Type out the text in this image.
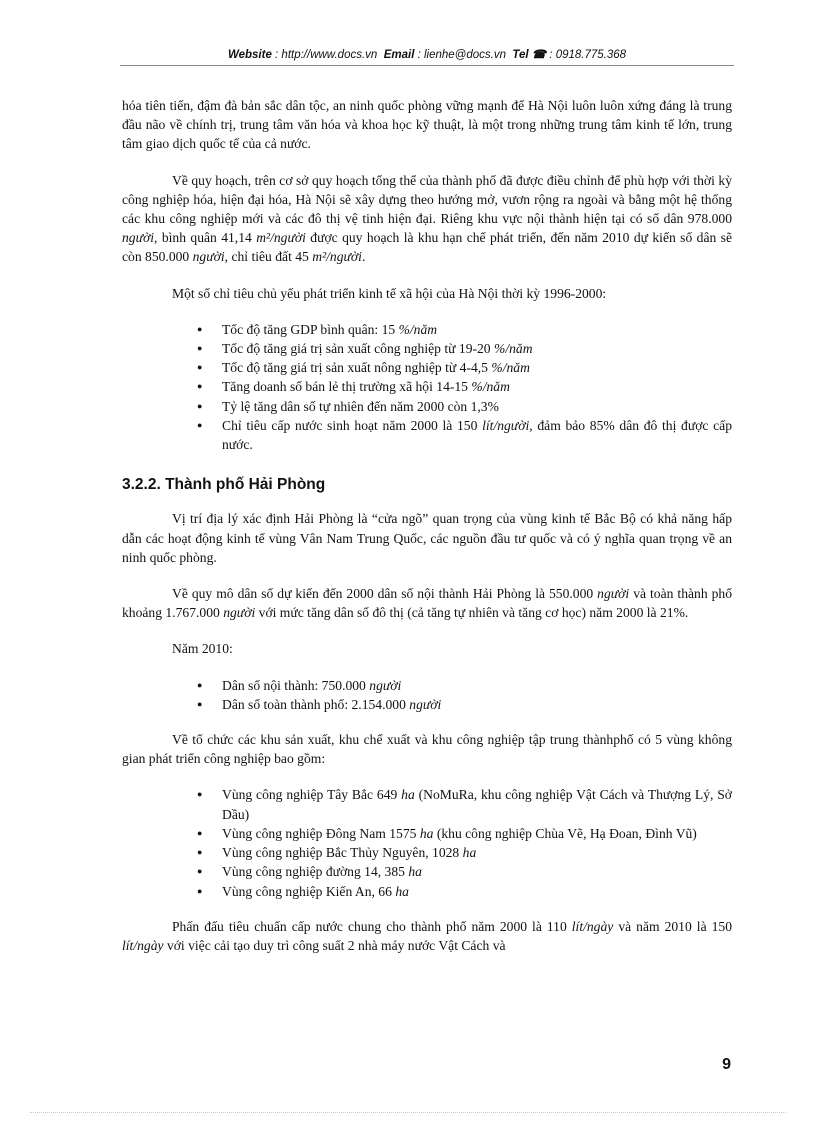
Website : http://www.docs.vn Email : lienhe@docs.vn Tel ☎ : 0918.775.368

hóa tiên tiến, đậm đà bản sắc dân tộc, an ninh quốc phòng vững mạnh để Hà Nội luôn luôn xứng đáng là trung đầu não về chính trị, trung tâm văn hóa và khoa học kỹ thuật, là một trong những trung tâm kinh tế lớn, trung tâm giao dịch quốc tế của cả nước.

Về quy hoạch, trên cơ sở quy hoạch tổng thể của thành phố đã được điều chỉnh để phù hợp với thời kỳ công nghiệp hóa, hiện đại hóa, Hà Nội sẽ xây dựng theo hướng mở, vươn rộng ra ngoài và bằng một hệ thống các khu công nghiệp mới và các đô thị vệ tinh hiện đại. Riêng khu vực nội thành hiện tại có số dân 978.000 người, bình quân 41,14 m²/người được quy hoạch là khu hạn chế phát triển, đến năm 2010 dự kiến số dân sẽ còn 850.000 người, chỉ tiêu đất 45 m²/người.

Một số chỉ tiêu chủ yếu phát triển kinh tế xã hội của Hà Nội thời kỳ 1996-2000:

● Tốc độ tăng GDP bình quân: 15 %/năm
● Tốc độ tăng giá trị sản xuất công nghiệp từ 19-20 %/năm
● Tốc độ tăng giá trị sản xuất nông nghiệp từ 4-4,5 %/năm
● Tăng doanh số bán lẻ thị trường xã hội 14-15 %/năm
● Tỷ lệ tăng dân số tự nhiên đến năm 2000 còn 1,3%
● Chỉ tiêu cấp nước sinh hoạt năm 2000 là 150 lít/người, đảm bảo 85% dân đô thị được cấp nước.
3.2.2. Thành phố Hải Phòng

Vị trí địa lý xác định Hải Phòng là “cửa ngõ” quan trọng của vùng kinh tế Bắc Bộ có khả năng hấp dẫn các hoạt động kinh tế vùng Vân Nam Trung Quốc, các nguồn đầu tư quốc và có ý nghĩa quan trọng về an ninh quốc phòng.

Về quy mô dân số dự kiến đến 2000 dân số nội thành Hải Phòng là 550.000 người và toàn thành phố khoảng 1.767.000 người với mức tăng dân số đô thị (cả tăng tự nhiên và tăng cơ học) năm 2000 là 21%.

Năm 2010:

● Dân số nội thành: 750.000 người
● Dân số toàn thành phố: 2.154.000 người

Về tổ chức các khu sản xuất, khu chế xuất và khu công nghiệp tập trung thànhphố có 5 vùng không gian phát triển công nghiệp bao gồm:

● Vùng công nghiệp Tây Bắc 649 ha (NoMuRa, khu công nghiệp Vật Cách và Thượng Lý, Sở Dầu)
● Vùng công nghiệp Đông Nam 1575 ha (khu công nghiệp Chùa Vẽ, Hạ Đoan, Đình Vũ)
● Vùng công nghiệp Bắc Thủy Nguyên, 1028 ha
● Vùng công nghiệp đường 14, 385 ha
● Vùng công nghiệp Kiến An, 66 ha

Phấn đấu tiêu chuẩn cấp nước chung cho thành phố năm 2000 là 110 lít/ngày và năm 2010 là 150 lít/ngày với việc cải tạo duy trì công suất 2 nhà máy nước Vật Cách và

9
